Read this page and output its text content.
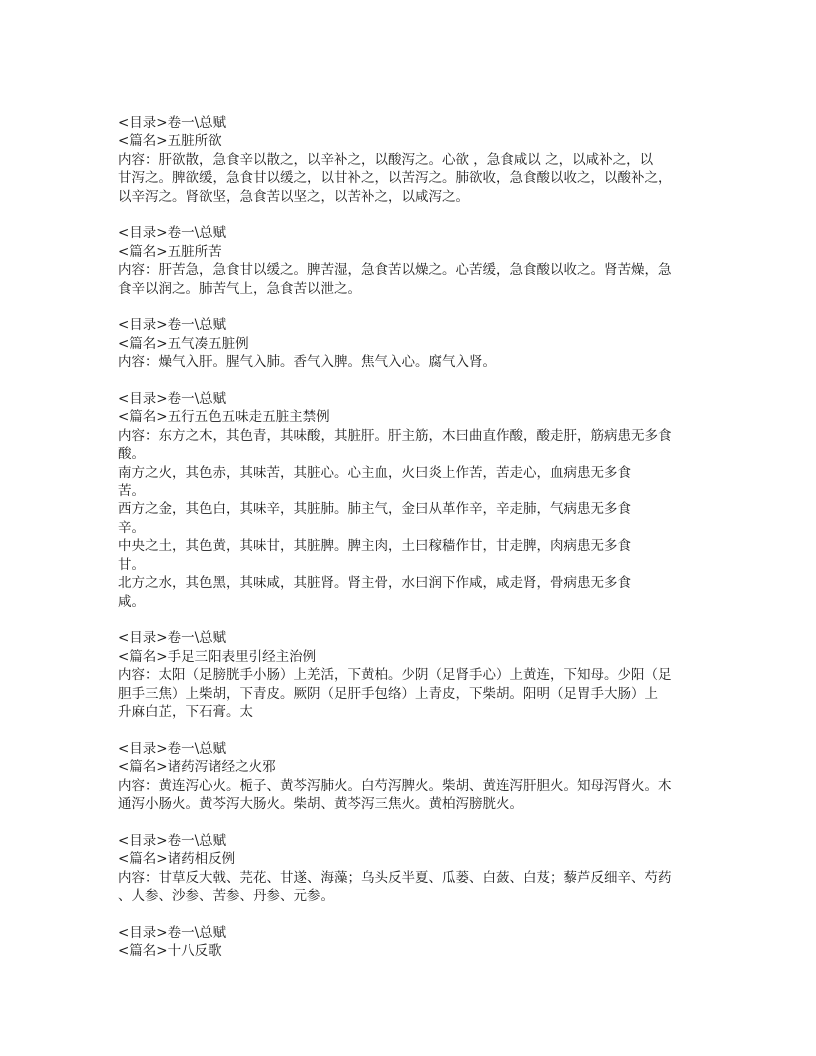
<目录>卷一\总赋
<篇名>五脏所欲
内容：肝欲散，急食辛以散之，以辛补之，以酸泻之。心欲 ，急食咸以 之，以咸补之，以
甘泻之。脾欲缓，急食甘以缓之，以甘补之，以苦泻之。肺欲收，急食酸以收之，以酸补之，
以辛泻之。肾欲坚，急食苦以坚之，以苦补之，以咸泻之。
<目录>卷一\总赋
<篇名>五脏所苦
内容：肝苦急，急食甘以缓之。脾苦湿，急食苦以燥之。心苦缓，急食酸以收之。肾苦燥，急
食辛以润之。肺苦气上，急食苦以泄之。
<目录>卷一\总赋
<篇名>五气凑五脏例
内容：燥气入肝。腥气入肺。香气入脾。焦气入心。腐气入肾。
<目录>卷一\总赋
<篇名>五行五色五味走五脏主禁例
内容：东方之木，其色青，其味酸，其脏肝。肝主筋，木曰曲直作酸，酸走肝，筋病患无多食
酸。
南方之火，其色赤，其味苦，其脏心。心主血，火曰炎上作苦，苦走心，血病患无多食
苦。
西方之金，其色白，其味辛，其脏肺。肺主气，金曰从革作辛，辛走肺，气病患无多食
辛。
中央之土，其色黄，其味甘，其脏脾。脾主肉，土曰稼穑作甘，甘走脾，肉病患无多食
甘。
北方之水，其色黑，其味咸，其脏肾。肾主骨，水曰润下作咸，咸走肾，骨病患无多食
咸。
<目录>卷一\总赋
<篇名>手足三阳表里引经主治例
内容：太阳（足膀胱手小肠）上羌活，下黄柏。少阴（足肾手心）上黄连，下知母。少阳（足
胆手三焦）上柴胡，下青皮。厥阴（足肝手包络）上青皮，下柴胡。阳明（足胃手大肠）上
升麻白芷，下石膏。太
<目录>卷一\总赋
<篇名>诸药泻诸经之火邪
内容：黄连泻心火。栀子、黄芩泻肺火。白芍泻脾火。柴胡、黄连泻肝胆火。知母泻肾火。木
通泻小肠火。黄芩泻大肠火。柴胡、黄芩泻三焦火。黄柏泻膀胱火。
<目录>卷一\总赋
<篇名>诸药相反例
内容：甘草反大戟、芫花、甘遂、海藻；乌头反半夏、瓜蒌、白蔹、白芨；藜芦反细辛、芍药
、人参、沙参、苦参、丹参、元参。
<目录>卷一\总赋
<篇名>十八反歌
